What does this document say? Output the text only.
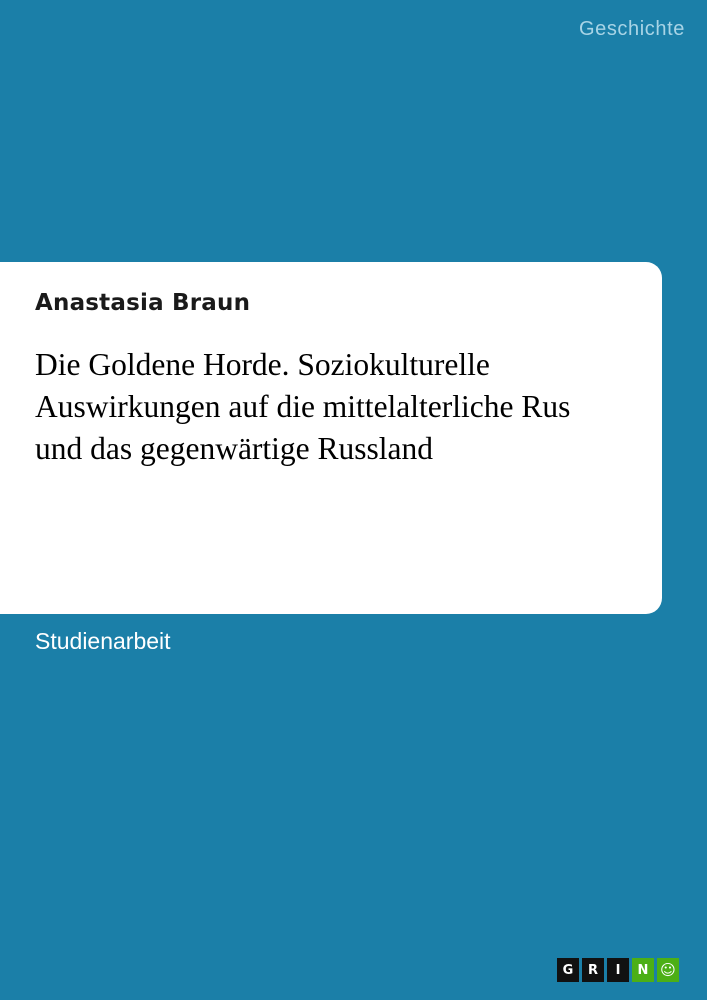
Geschichte
Anastasia Braun
Die Goldene Horde. Soziokulturelle Auswirkungen auf die mittelalterliche Rus und das gegenwärtige Russland
Studienarbeit
G	R	I	N ☺
